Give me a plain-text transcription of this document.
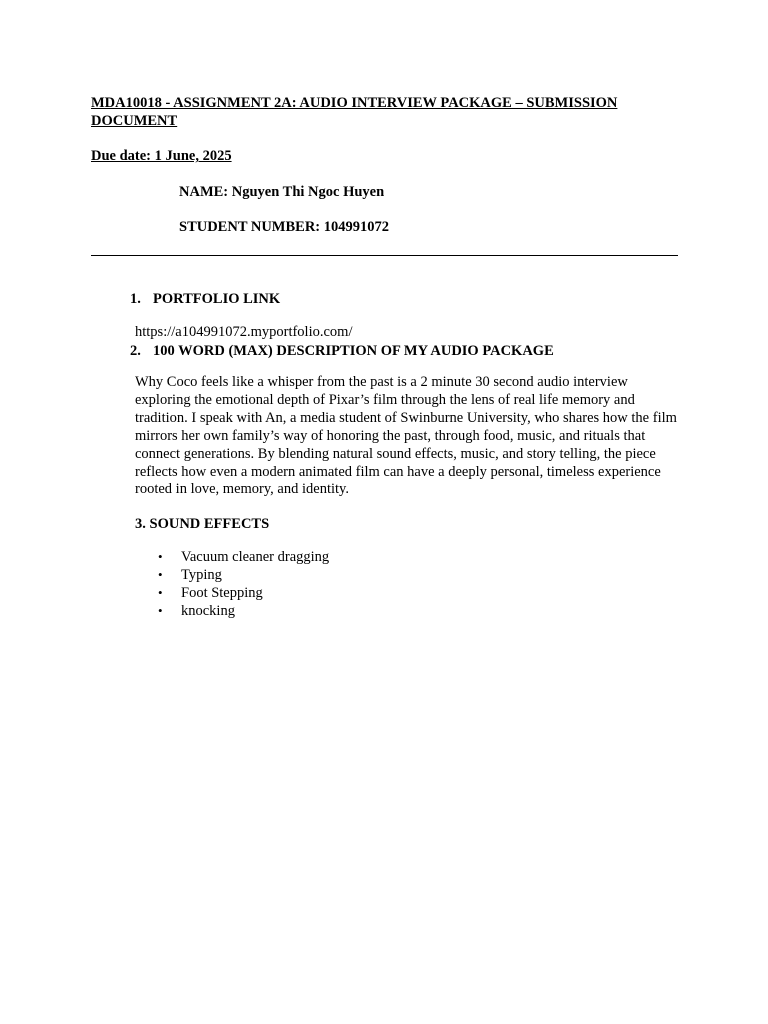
MDA10018 - ASSIGNMENT 2A: AUDIO INTERVIEW PACKAGE – SUBMISSION DOCUMENT
Due date: 1 June, 2025
NAME: Nguyen Thi Ngoc Huyen
STUDENT NUMBER: 104991072
1. PORTFOLIO LINK
https://a104991072.myportfolio.com/
2. 100 WORD (MAX) DESCRIPTION OF MY AUDIO PACKAGE
Why Coco feels like a whisper from the past is a 2 minute 30 second audio interview exploring the emotional depth of Pixar’s film through the lens of real life memory and tradition. I speak with An, a media student of Swinburne University, who shares how the film mirrors her own family’s way of honoring the past, through food, music, and rituals that connect generations. By blending natural sound effects, music, and story telling, the piece reflects how even a modern animated film can have a deeply personal, timeless experience rooted in love, memory, and identity.
3. SOUND EFFECTS
• Vacuum cleaner dragging
• Typing
• Foot Stepping
• knocking
